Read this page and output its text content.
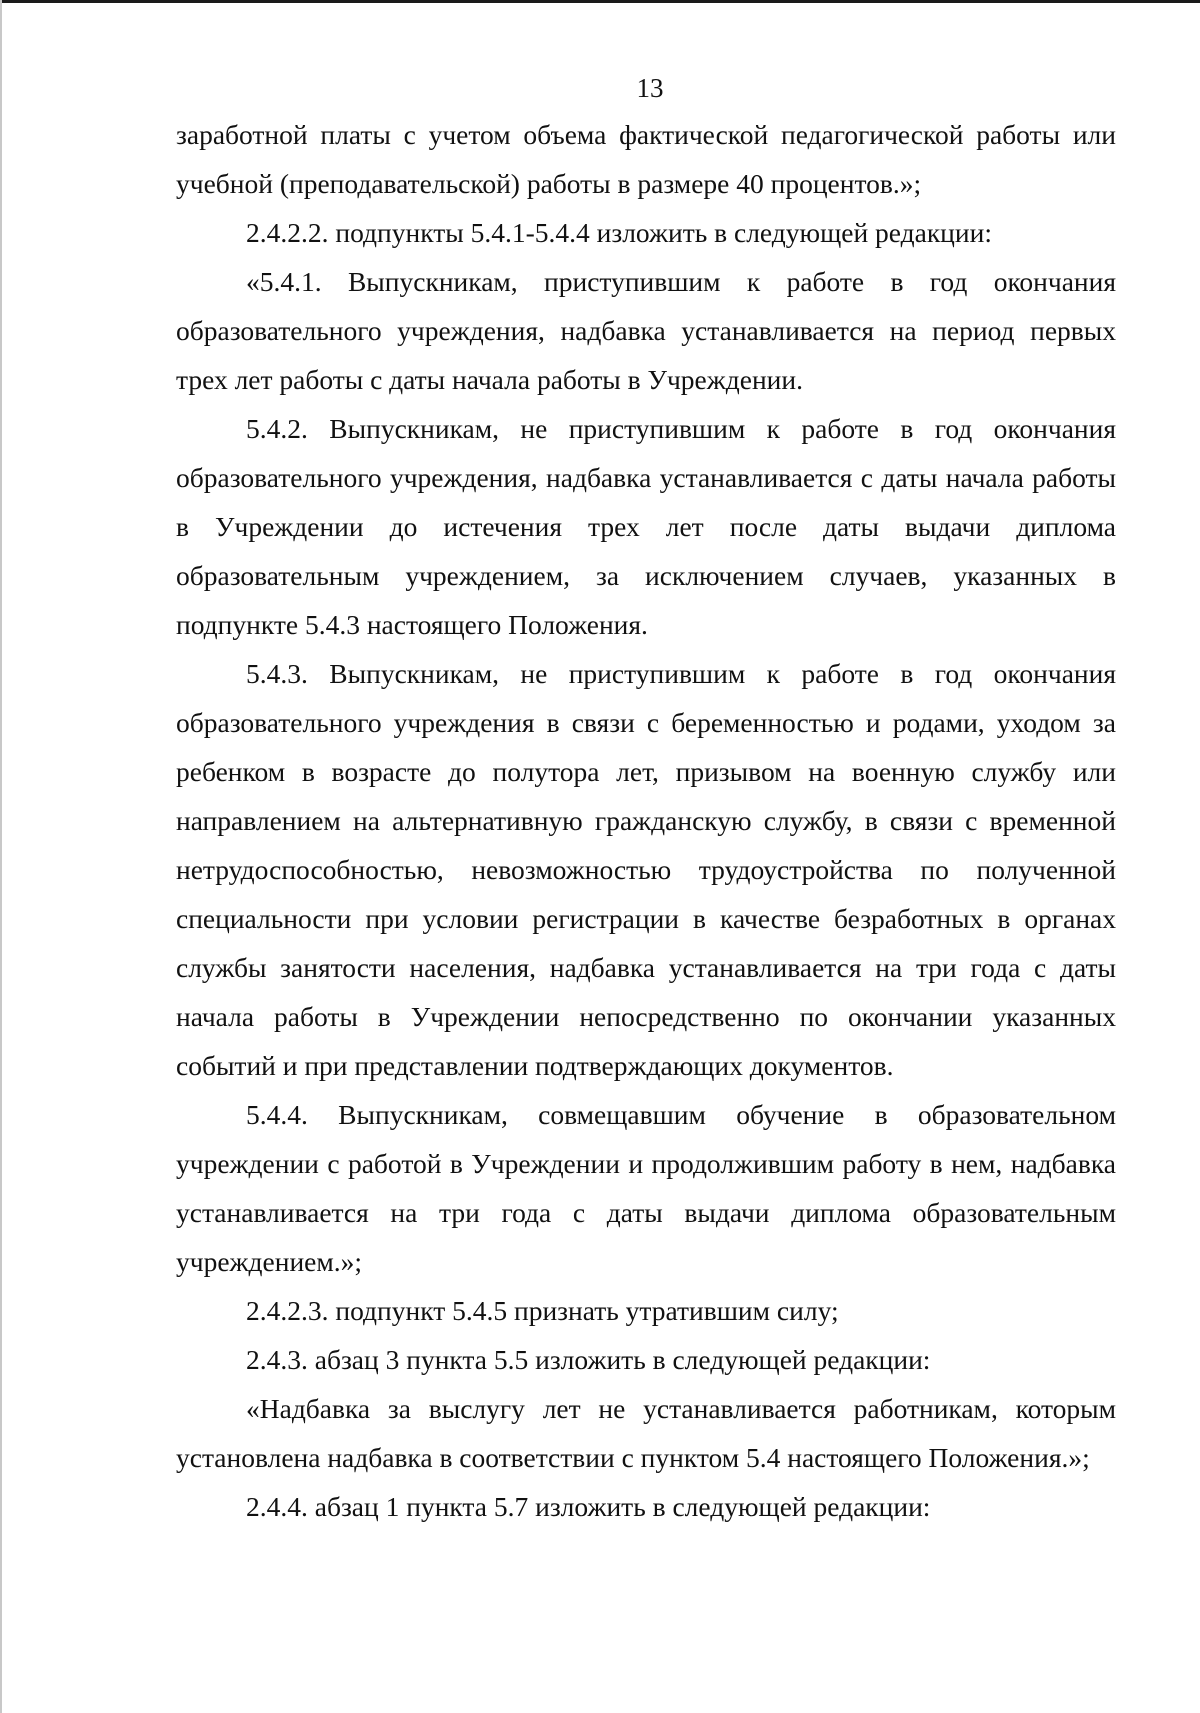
13

заработной платы с учетом объема фактической педагогической работы или учебной (преподавательской) работы в размере 40 процентов.»;

2.4.2.2. подпункты 5.4.1-5.4.4 изложить в следующей редакции:

«5.4.1. Выпускникам, приступившим к работе в год окончания образовательного учреждения, надбавка устанавливается на период первых трех лет работы с даты начала работы в Учреждении.

5.4.2. Выпускникам, не приступившим к работе в год окончания образовательного учреждения, надбавка устанавливается с даты начала работы в Учреждении до истечения трех лет после даты выдачи диплома образовательным учреждением, за исключением случаев, указанных в подпункте 5.4.3 настоящего Положения.

5.4.3. Выпускникам, не приступившим к работе в год окончания образовательного учреждения в связи с беременностью и родами, уходом за ребенком в возрасте до полутора лет, призывом на военную службу или направлением на альтернативную гражданскую службу, в связи с временной нетрудоспособностью, невозможностью трудоустройства по полученной специальности при условии регистрации в качестве безработных в органах службы занятости населения, надбавка устанавливается на три года с даты начала работы в Учреждении непосредственно по окончании указанных событий и при представлении подтверждающих документов.

5.4.4. Выпускникам, совмещавшим обучение в образовательном учреждении с работой в Учреждении и продолжившим работу в нем, надбавка устанавливается на три года с даты выдачи диплома образовательным учреждением.»;

2.4.2.3. подпункт 5.4.5 признать утратившим силу;

2.4.3. абзац 3 пункта 5.5 изложить в следующей редакции:

«Надбавка за выслугу лет не устанавливается работникам, которым установлена надбавка в соответствии с пунктом 5.4 настоящего Положения.»;

2.4.4. абзац 1 пункта 5.7 изложить в следующей редакции:
